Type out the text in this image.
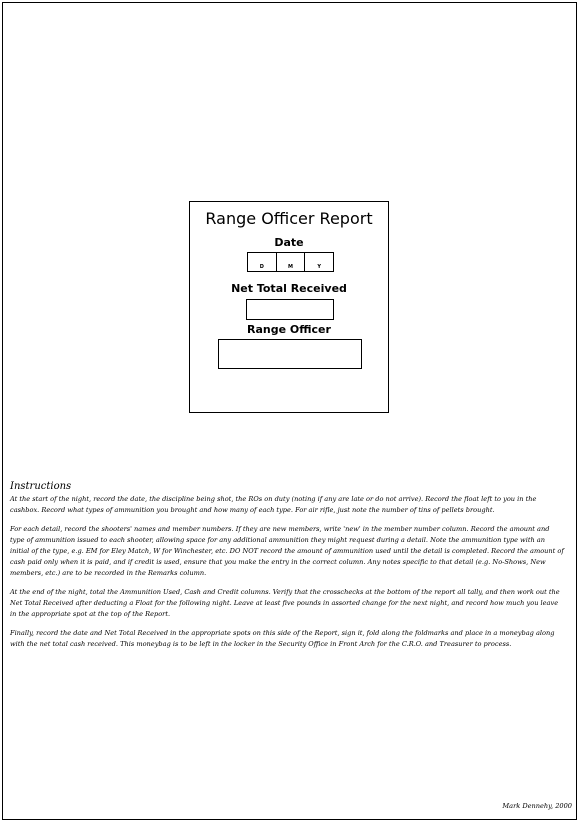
Range Officer Report
Date
D	M	Y
Net Total Received
Range Officer
Instructions

At the start of the night, record the date, the discipline being shot, the ROs on duty (noting if any are late or do not arrive). Record the float left to you in the cashbox. Record what types of ammunition you brought and how many of each type. For air rifle, just note the number of tins of pellets brought.

For each detail, record the shooters' names and member numbers. If they are new members, write 'new' in the member number column. Record the amount and type of ammunition issued to each shooter, allowing space for any additional ammunition they might request during a detail. Note the ammunition type with an initial of the type, e.g. EM for Eley Match, W for Winchester, etc. DO NOT record the amount of ammunition used until the detail is completed. Record the amount of cash paid only when it is paid, and if credit is used, ensure that you make the entry in the correct column. Any notes specific to that detail (e.g. No-Shows, New members, etc.) are to be recorded in the Remarks column.

At the end of the night, total the Ammunition Used, Cash and Credit columns. Verify that the crosschecks at the bottom of the report all tally, and then work out the Net Total Received after deducting a Float for the following night. Leave at least five pounds in assorted change for the next night, and record how much you leave in the appropriate spot at the top of the Report.

Finally, record the date and Net Total Received in the appropriate spots on this side of the Report, sign it, fold along the foldmarks and place in a moneybag along with the net total cash received. This moneybag is to be left in the locker in the Security Office in Front Arch for the C.R.O. and Treasurer to process.

Mark Dennehy, 2000
